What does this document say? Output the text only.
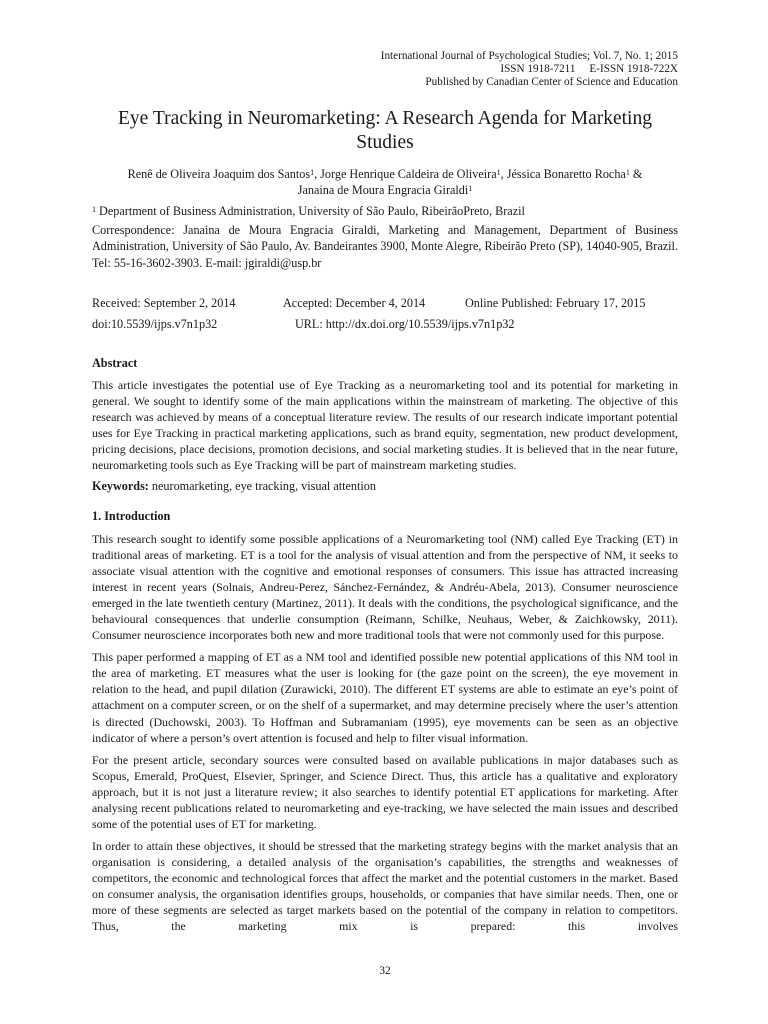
International Journal of Psychological Studies; Vol. 7, No. 1; 2015
ISSN 1918-7211     E-ISSN 1918-722X
Published by Canadian Center of Science and Education
Eye Tracking in Neuromarketing: A Research Agenda for Marketing
Studies
Renê de Oliveira Joaquim dos Santos$^1$, Jorge Henrique Caldeira de Oliveira$^1$, Jéssica Bonaretto Rocha$^1$ &
Janaina de Moura Engracia Giraldi$^1$
$^1$ Department of Business Administration, University of São Paulo, RibeirãoPreto, Brazil
Correspondence: Janaina de Moura Engracia Giraldi, Marketing and Management, Department of Business Administration, University of São Paulo, Av. Bandeirantes 3900, Monte Alegre, Ribeirão Preto (SP), 14040-905, Brazil. Tel: 55-16-3602-3903. E-mail: jgiraldi@usp.br
Received: September 2, 2014	Accepted: December 4, 2014	Online Published: February 17, 2015
doi:10.5539/ijps.v7n1p32	URL: http://dx.doi.org/10.5539/ijps.v7n1p32
Abstract
This article investigates the potential use of Eye Tracking as a neuromarketing tool and its potential for marketing in general. We sought to identify some of the main applications within the mainstream of marketing. The objective of this research was achieved by means of a conceptual literature review. The results of our research indicate important potential uses for Eye Tracking in practical marketing applications, such as brand equity, segmentation, new product development, pricing decisions, place decisions, promotion decisions, and social marketing studies. It is believed that in the near future, neuromarketing tools such as Eye Tracking will be part of mainstream marketing studies.
Keywords: neuromarketing, eye tracking, visual attention
1. Introduction
This research sought to identify some possible applications of a Neuromarketing tool (NM) called Eye Tracking (ET) in traditional areas of marketing. ET is a tool for the analysis of visual attention and from the perspective of NM, it seeks to associate visual attention with the cognitive and emotional responses of consumers. This issue has attracted increasing interest in recent years (Solnais, Andreu-Perez, Sánchez-Fernández, & Andréu-Abela, 2013). Consumer neuroscience emerged in the late twentieth century (Martinez, 2011). It deals with the conditions, the psychological significance, and the behavioural consequences that underlie consumption (Reimann, Schilke, Neuhaus, Weber, & Zaichkowsky, 2011). Consumer neuroscience incorporates both new and more traditional tools that were not commonly used for this purpose.
This paper performed a mapping of ET as a NM tool and identified possible new potential applications of this NM tool in the area of marketing. ET measures what the user is looking for (the gaze point on the screen), the eye movement in relation to the head, and pupil dilation (Zurawicki, 2010). The different ET systems are able to estimate an eye’s point of attachment on a computer screen, or on the shelf of a supermarket, and may determine precisely where the user’s attention is directed (Duchowski, 2003). To Hoffman and Subramaniam (1995), eye movements can be seen as an objective indicator of where a person’s overt attention is focused and help to filter visual information.
For the present article, secondary sources were consulted based on available publications in major databases such as Scopus, Emerald, ProQuest, Elsevier, Springer, and Science Direct. Thus, this article has a qualitative and exploratory approach, but it is not just a literature review; it also searches to identify potential ET applications for marketing. After analysing recent publications related to neuromarketing and eye-tracking, we have selected the main issues and described some of the potential uses of ET for marketing.
In order to attain these objectives, it should be stressed that the marketing strategy begins with the market analysis that an organisation is considering, a detailed analysis of the organisation’s capabilities, the strengths and weaknesses of competitors, the economic and technological forces that affect the market and the potential customers in the market. Based on consumer analysis, the organisation identifies groups, households, or companies that have similar needs. Then, one or more of these segments are selected as target markets based on the potential of the company in relation to competitors. Thus, the marketing mix is prepared: this involves
32
